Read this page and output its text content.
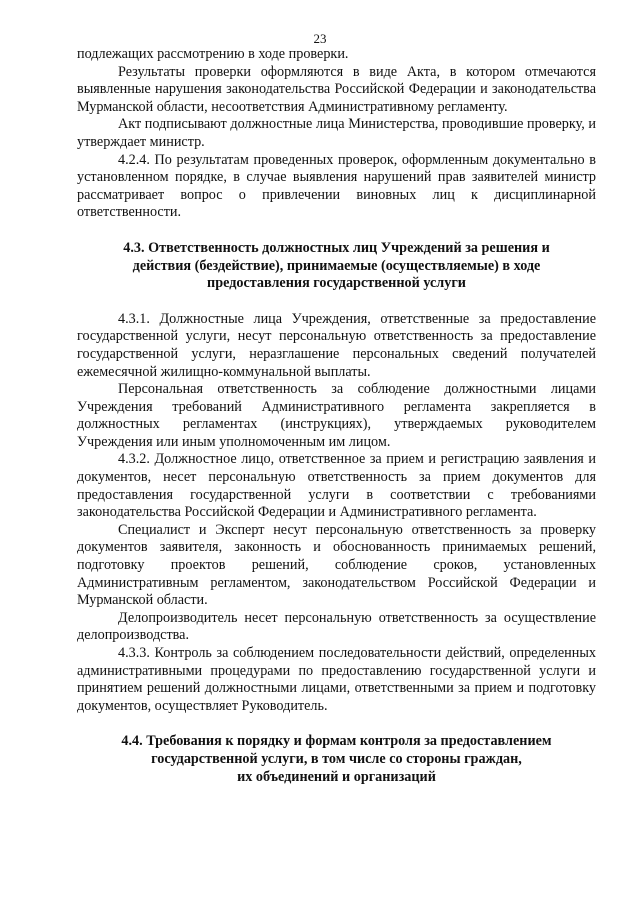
23

подлежащих рассмотрению в ходе проверки.

Результаты проверки оформляются в виде Акта, в котором отмечаются выявленные нарушения законодательства Российской Федерации и законодательства Мурманской области, несоответствия Административному регламенту.

Акт подписывают должностные лица Министерства, проводившие проверку, и утверждает министр.

4.2.4. По результатам проведенных проверок, оформленным документально в установленном порядке, в случае выявления нарушений прав заявителей министр рассматривает вопрос о привлечении виновных лиц к дисциплинарной ответственности.

4.3. Ответственность должностных лиц Учреждений за решения и

действия (бездействие), принимаемые (осуществляемые) в ходе

предоставления государственной услуги

4.3.1. Должностные лица Учреждения, ответственные за предоставление государственной услуги, несут персональную ответственность за предоставление государственной услуги, неразглашение персональных сведений получателей ежемесячной жилищно-коммунальной выплаты.

Персональная ответственность за соблюдение должностными лицами Учреждения требований Административного регламента закрепляется в должностных регламентах (инструкциях), утверждаемых руководителем Учреждения или иным уполномоченным им лицом.

4.3.2. Должностное лицо, ответственное за прием и регистрацию заявления и документов, несет персональную ответственность за прием документов для предоставления государственной услуги в соответствии с требованиями законодательства Российской Федерации и Административного регламента.

Специалист и Эксперт несут персональную ответственность за проверку документов заявителя, законность и обоснованность принимаемых решений, подготовку проектов решений, соблюдение сроков, установленных Административным регламентом, законодательством Российской Федерации и Мурманской области.

Делопроизводитель несет персональную ответственность за осуществление делопроизводства.

4.3.3. Контроль за соблюдением последовательности действий, определенных административными процедурами по предоставлению государственной услуги и принятием решений должностными лицами, ответственными за прием и подготовку документов, осуществляет Руководитель.

4.4. Требования к порядку и формам контроля за предоставлением

государственной услуги, в том числе со стороны граждан,

их объединений и организаций
